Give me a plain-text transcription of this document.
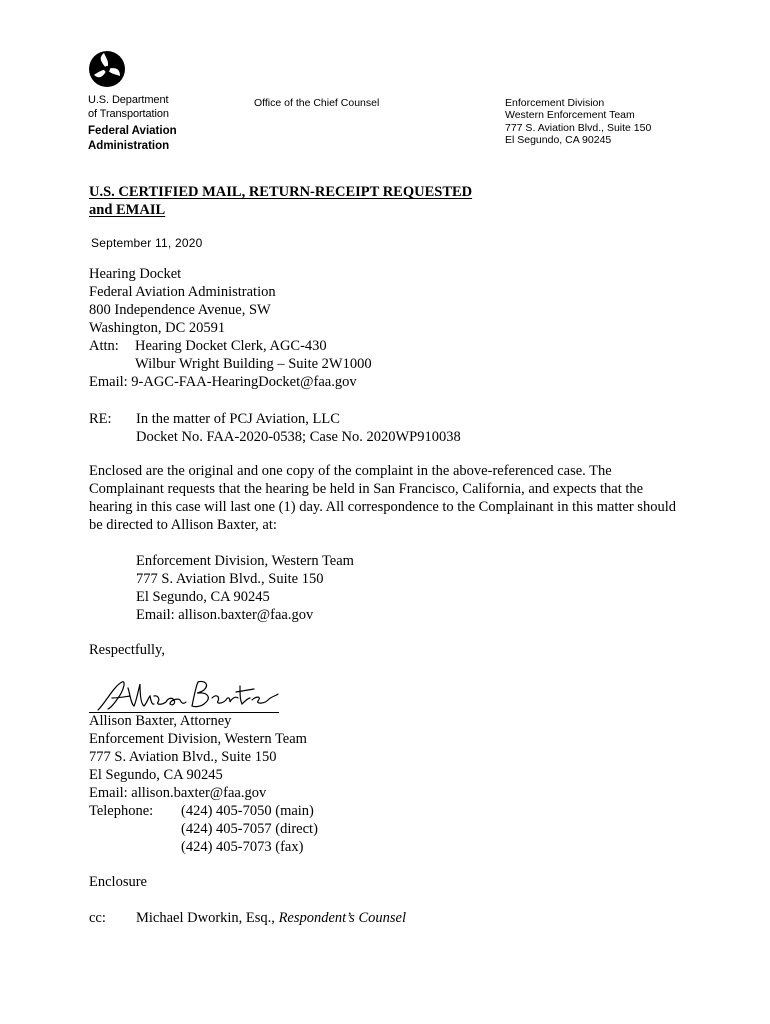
U.S. Department
of Transportation
Federal Aviation
Administration
Office of the Chief Counsel	Enforcement Division
Western Enforcement Team
777 S. Aviation Blvd., Suite 150
El Segundo, CA 90245
U.S. CERTIFIED MAIL, RETURN-RECEIPT REQUESTED
and EMAIL
September 11, 2020
Hearing Docket
Federal Aviation Administration
800 Independence Avenue, SW
Washington, DC 20591
Attn:	Hearing Docket Clerk, AGC-430
Wilbur Wright Building – Suite 2W1000
Email: 9-AGC-FAA-HearingDocket@faa.gov
RE:	In the matter of PCJ Aviation, LLC
Docket No. FAA-2020-0538; Case No. 2020WP910038
Enclosed are the original and one copy of the complaint in the above-referenced case. The Complainant requests that the hearing be held in San Francisco, California, and expects that the hearing in this case will last one (1) day. All correspondence to the Complainant in this matter should be directed to Allison Baxter, at:
Enforcement Division, Western Team
777 S. Aviation Blvd., Suite 150
El Segundo, CA 90245
Email: allison.baxter@faa.gov
Respectfully,
Allison Baxter, Attorney
Enforcement Division, Western Team
777 S. Aviation Blvd., Suite 150
El Segundo, CA 90245
Email: allison.baxter@faa.gov
Telephone:	(424) 405-7050 (main)
(424) 405-7057 (direct)
(424) 405-7073 (fax)
Enclosure
cc:	Michael Dworkin, Esq.,
Respondent’s Counsel
